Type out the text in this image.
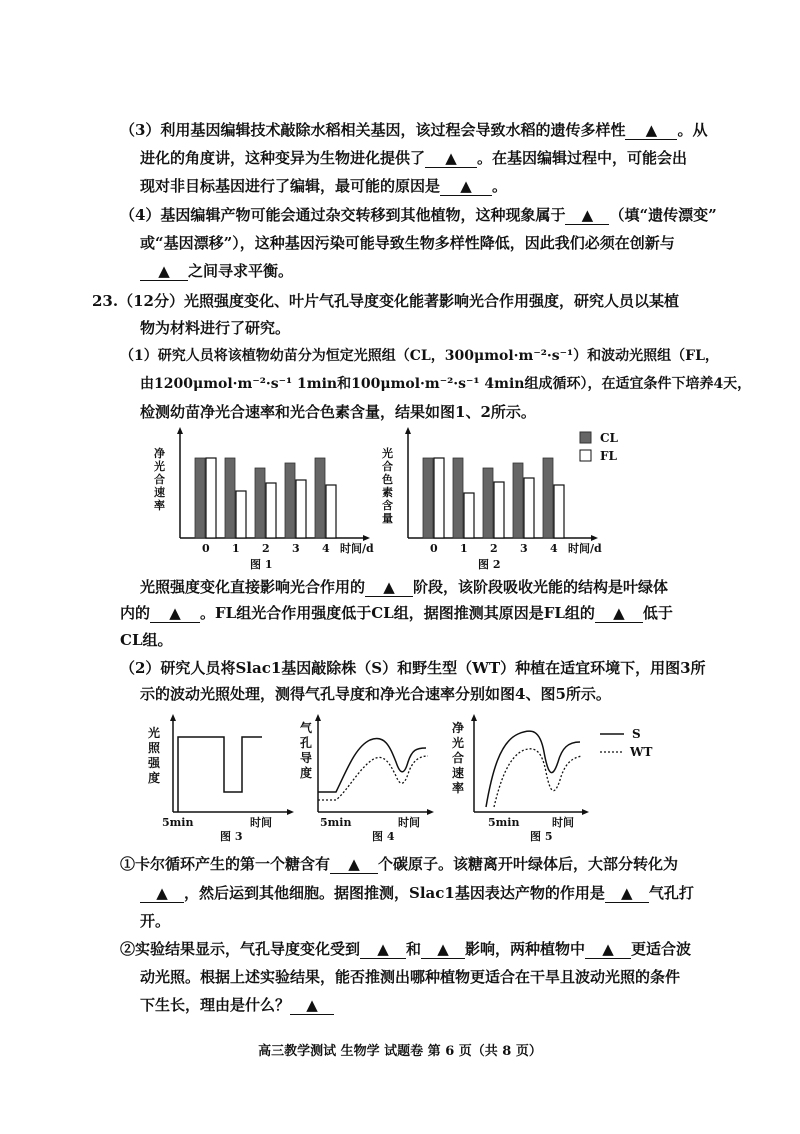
（3）利用基因编辑技术敲除水稻相关基因，该过程会导致水稻的遗传多样性 ▲ 。从
进化的角度讲，这种变异为生物进化提供了 ▲ 。在基因编辑过程中，可能会出
现对非目标基因进行了编辑，最可能的原因是 ▲ 。
（4）基因编辑产物可能会通过杂交转移到其他植物，这种现象属于 ▲ （填“遗传漂变”
或“基因漂移”），这种基因污染可能导致生物多样性降低，因此我们必须在创新与
▲ 之间寻求平衡。
23.（12分）光照强度变化、叶片气孔导度变化能著影响光合作用强度，研究人员以某植
物为材料进行了研究。
（1）研究人员将该植物幼苗分为恒定光照组（CL，300μmol·m⁻²·s⁻¹）和波动光照组（FL，
由1200μmol·m⁻²·s⁻¹ 1min和100μmol·m⁻²·s⁻¹ 4min组成循环），在适宜条件下培养4天，
检测幼苗净光合速率和光合色素含量，结果如图1、2所示。
净
光
合
速
率
0 1 2 3 4 时间/d
图 1
光
合
色
素
含
量
0 1 2 3 4 时间/d
图 2
CL
FL
光照强度变化直接影响光合作用的 ▲ 阶段，该阶段吸收光能的结构是叶绿体
内的 ▲ 。FL组光合作用强度低于CL组，据图推测其原因是FL组的 ▲ 低于
CL组。
（2）研究人员将Slac1基因敲除株（S）和野生型（WT）种植在适宜环境下，用图3所
示的波动光照处理，测得气孔导度和净光合速率分别如图4、图5所示。
光
照
强
度
5min	时间
图 3
气
孔
导
度
5min	时间
图 4
净
光
合
速
率
5min	时间
图 5
S
WT
①卡尔循环产生的第一个糖含有 ▲ 个碳原子。该糖离开叶绿体后，大部分转化为
▲ ，然后运到其他细胞。据图推测，Slac1基因表达产物的作用是 ▲ 气孔打
开。
②实验结果显示，气孔导度变化受到 ▲ 和 ▲ 影响，两种植物中 ▲ 更适合波
动光照。根据上述实验结果，能否推测出哪种植物更适合在干旱且波动光照的条件
下生长，理由是什么？ ▲
高三教学测试 生物学 试题卷 第 6 页（共 8 页）
